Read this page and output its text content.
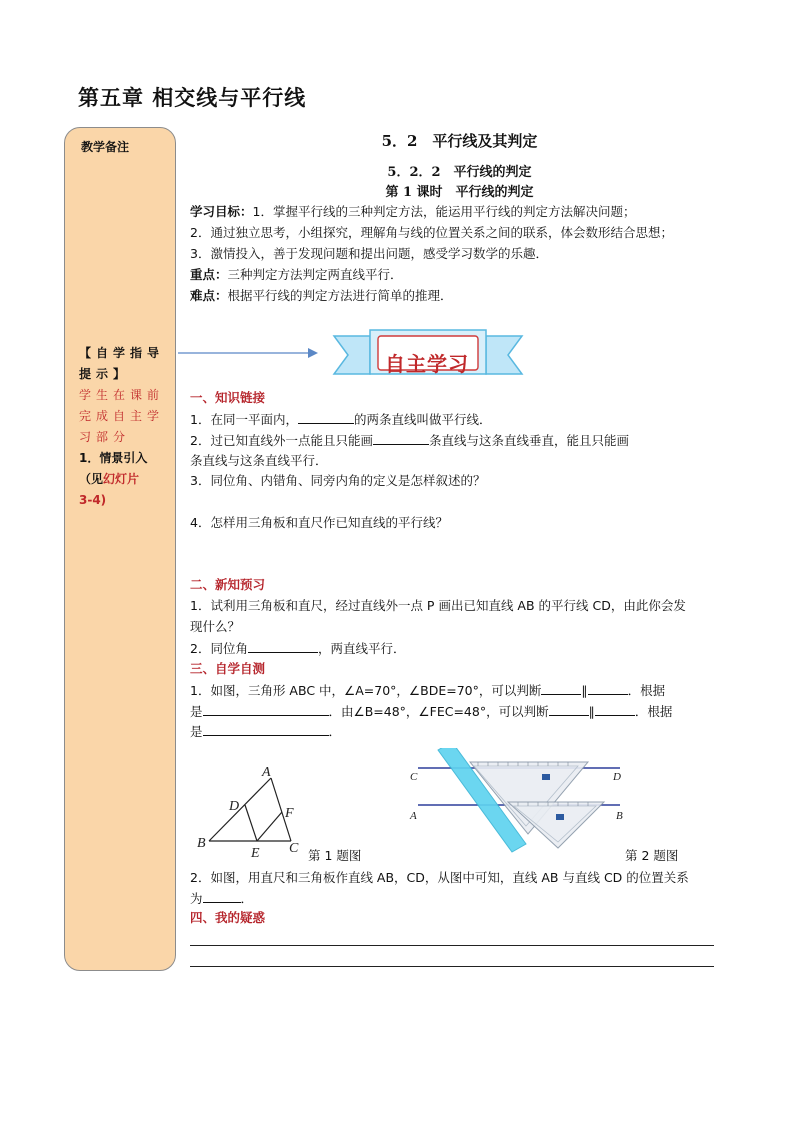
第五章 相交线与平行线
教学备注
【自学指导
提示】
学生在课前
完成自主学
习部分
1．情景引入
（见幻灯片
3-4)
5．2　平行线及其判定
5．2．2　平行线的判定
第 1 课时　平行线的判定
学习目标：1．掌握平行线的三种判定方法，能运用平行线的判定方法解决问题；
2．通过独立思考，小组探究，理解角与线的位置关系之间的联系，体会数形结合思想；
3．激情投入，善于发现问题和提出问题，感受学习数学的乐趣．
重点：三种判定方法判定两直线平行．
难点：根据平行线的判定方法进行简单的推理．
自主学习
一、知识链接
1．在同一平面内，	的两条直线叫做平行线．
2．过已知直线外一点能且只能画	条直线与这条直线垂直，能且只能画
条直线与这条直线平行．
3．同位角、内错角、同旁内角的定义是怎样叙述的？
4．怎样用三角板和直尺作已知直线的平行线？
二、新知预习
1．试利用三角板和直尺，经过直线外一点 P 画出已知直线 AB 的平行线 CD，由此你会发
现什么？
2．同位角	，两直线平行．
三、自学自测
1．如图，三角形 ABC 中，∠A=70°，∠BDE=70°，可以判断	∥	．根据
是	．由∠B=48°，∠FEC=48°，可以判断	∥	．根据
是	．
A
D	F
B
E C 第 1 题图
C	D
A	B
第 2 题图
2．如图，用直尺和三角板作直线 AB，CD，从图中可知，直线 AB 与直线 CD 的位置关系
为	．
四、我的疑惑
